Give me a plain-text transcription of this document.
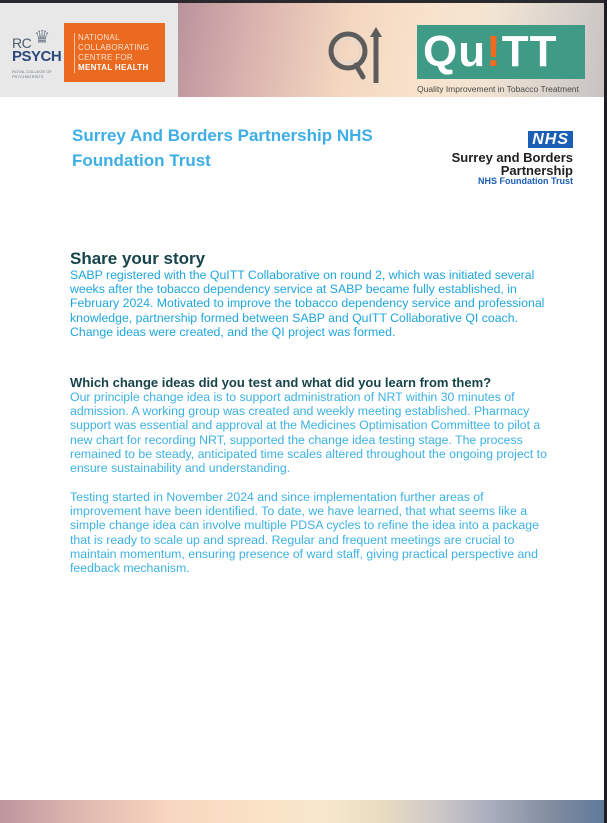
♛
RC
PSYCH
ROYAL COLLEGE OF PSYCHIATRISTS
NATIONAL
COLLABORATING
CENTRE FOR
MENTAL HEALTH	Qu!TT
Quality Improvement in Tobacco Treatment
Surrey And Borders Partnership NHS
Foundation Trust
NHS
Surrey and Borders
Partnership
NHS Foundation Trust
Share your story

SABP registered with the QuITT Collaborative on round 2, which was initiated several weeks after the tobacco dependency service at SABP became fully established, in February 2024. Motivated to improve the tobacco dependency service and professional knowledge, partnership formed between SABP and QuITT Collaborative QI coach. Change ideas were created, and the QI project was formed.

Which change ideas did you test and what did you learn from them?

Our principle change idea is to support administration of NRT within 30 minutes of admission. A working group was created and weekly meeting established. Pharmacy support was essential and approval at the Medicines Optimisation Committee to pilot a new chart for recording NRT, supported the change idea testing stage. The process remained to be steady, anticipated time scales altered throughout the ongoing project to ensure sustainability and understanding.

Testing started in November 2024 and since implementation further areas of improvement have been identified. To date, we have learned, that what seems like a simple change idea can involve multiple PDSA cycles to refine the idea into a package that is ready to scale up and spread. Regular and frequent meetings are crucial to maintain momentum, ensuring presence of ward staff, giving practical perspective and feedback mechanism.
